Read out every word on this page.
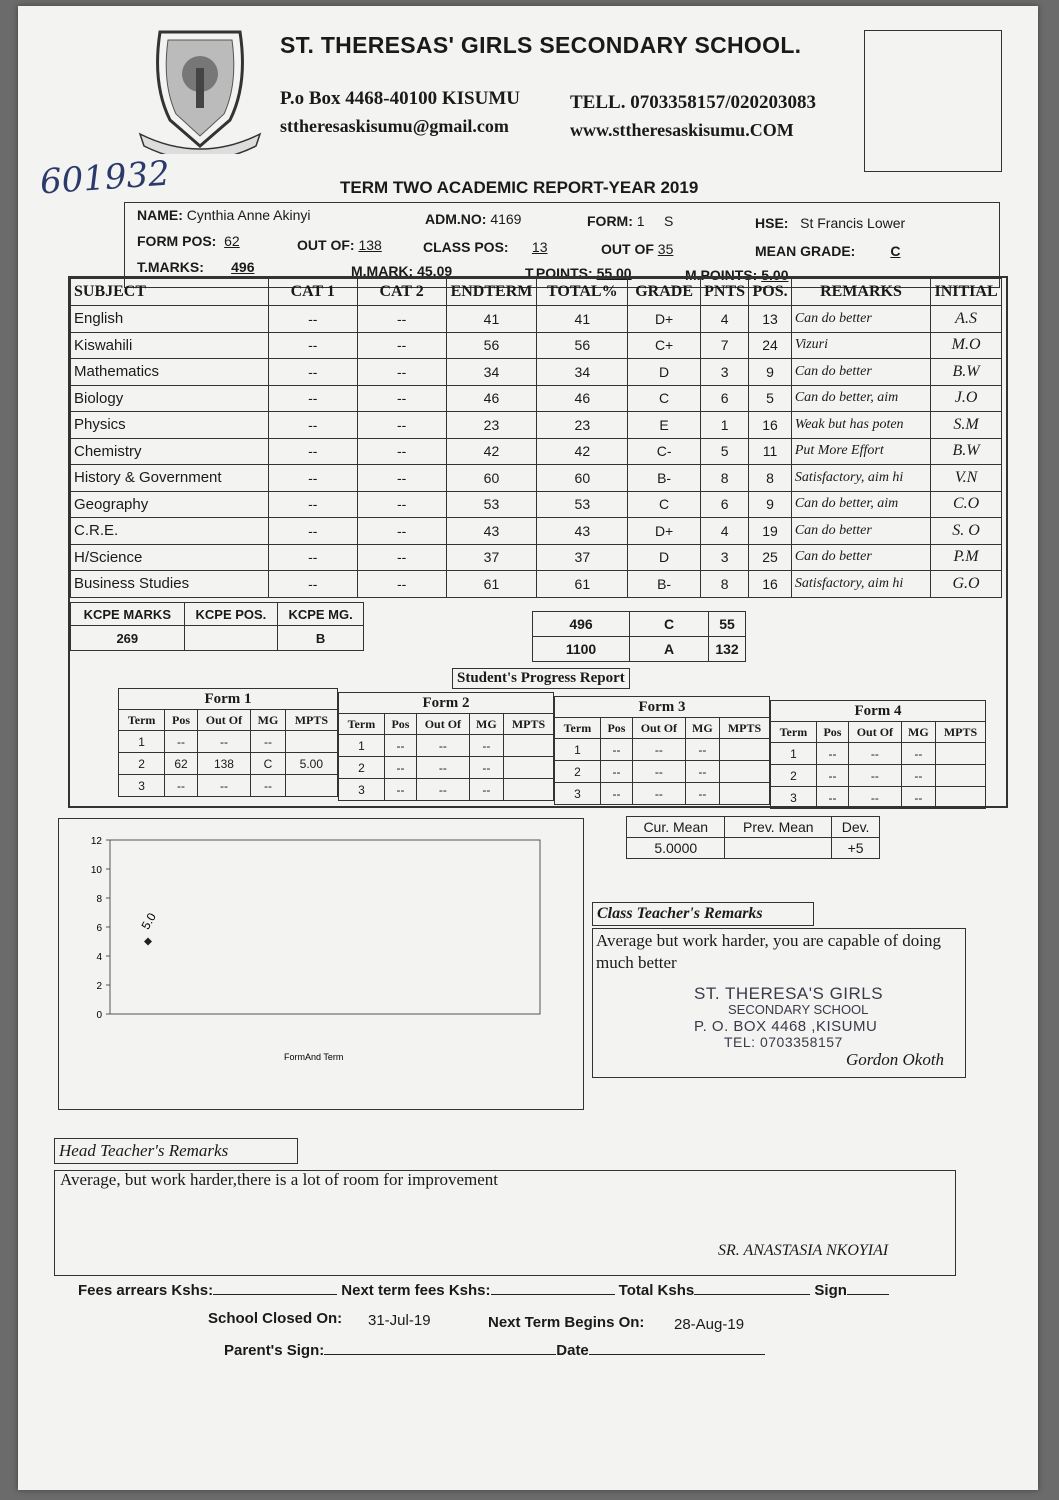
ST. THERESAS' GIRLS SECONDARY SCHOOL.
P.o Box 4468-40100 KISUMU	TELL. 0703358157/020203083
sttheresaskisumu@gmail.com	www.sttheresaskisumu.COM
601932	TERM TWO ACADEMIC REPORT-YEAR 2019
NAME: Cynthia Anne Akinyi	ADM.NO: 4169	FORM: 1 S	HSE: St Francis Lower
FORM POS: 62	OUT OF: 138	CLASS POS: 13	OUT OF 35	MEAN GRADE:	C
T.MARKS: 496	M.MARK: 45.09	T.POINTS: 55.00	M.POINTS: 5.00
SUBJECT	CAT 1	CAT 2	ENDTERM	TOTAL%	GRADE	PNTS	POS.	REMARKS	INITIAL
English	--	--	41	41	D+	4	13	Can do better	A.S
Kiswahili	--	--	56	56	C+	7	24	Vizuri	M.O
Mathematics	--	--	34	34	D	3	9	Can do better	B.W
Biology	--	--	46	46	C	6	5	Can do better, aim	J.O
Physics	--	--	23	23	E	1	16	Weak but has poten	S.M
Chemistry	--	--	42	42	C-	5	11	Put More Effort	B.W
History & Government	--	--	60	60	B-	8	8	Satisfactory, aim hi	V.N
Geography	--	--	53	53	C	6	9	Can do better, aim	C.O
C.R.E.	--	--	43	43	D+	4	19	Can do better	S. O
H/Science	--	--	37	37	D	3	25	Can do better	P.M
Business Studies	--	--	61	61	B-	8	16	Satisfactory, aim hi	G.O
KCPE MARKS	KCPE POS.	KCPE MG.
269		B
496	C	55
1100	A	132
Student's Progress Report
Form 1				
Term	Pos	Out Of	MG	MPTS
1	--	--	--	
2	62	138	C	5.00
3	--	--	--	
Form 2				
Term	Pos	Out Of	MG	MPTS
1	--	--	--	
2	--	--	--	
3	--	--	--	
Form 3				
Term	Pos	Out Of	MG	MPTS
1	--	--	--	
2	--	--	--	
3	--	--	--	
Form 4				
Term	Pos	Out Of	MG	MPTS
1	--	--	--	
2	--	--	--	
3	--	--	--	
0
2
4
6
8
10
12
5.0
FormAnd Term
Cur. Mean	Prev. Mean	Dev.
5.0000		+5
Class Teacher's Remarks
Average but work harder, you are capable of doing much better
ST. THERESA'S GIRLS
SECONDARY SCHOOL
P. O. BOX 4468 ,KISUMU
TEL: 0703358157
Gordon Okoth
Head Teacher's Remarks
Average, but work harder,there is a lot of room for improvement
SR. ANASTASIA NKOYIAI
Fees arrears Kshs:	Next term fees Kshs:	Total Kshs	Sign
School Closed On: 31-Jul-19	Next Term Begins On: 28-Aug-19
Parent's Sign:	Date
